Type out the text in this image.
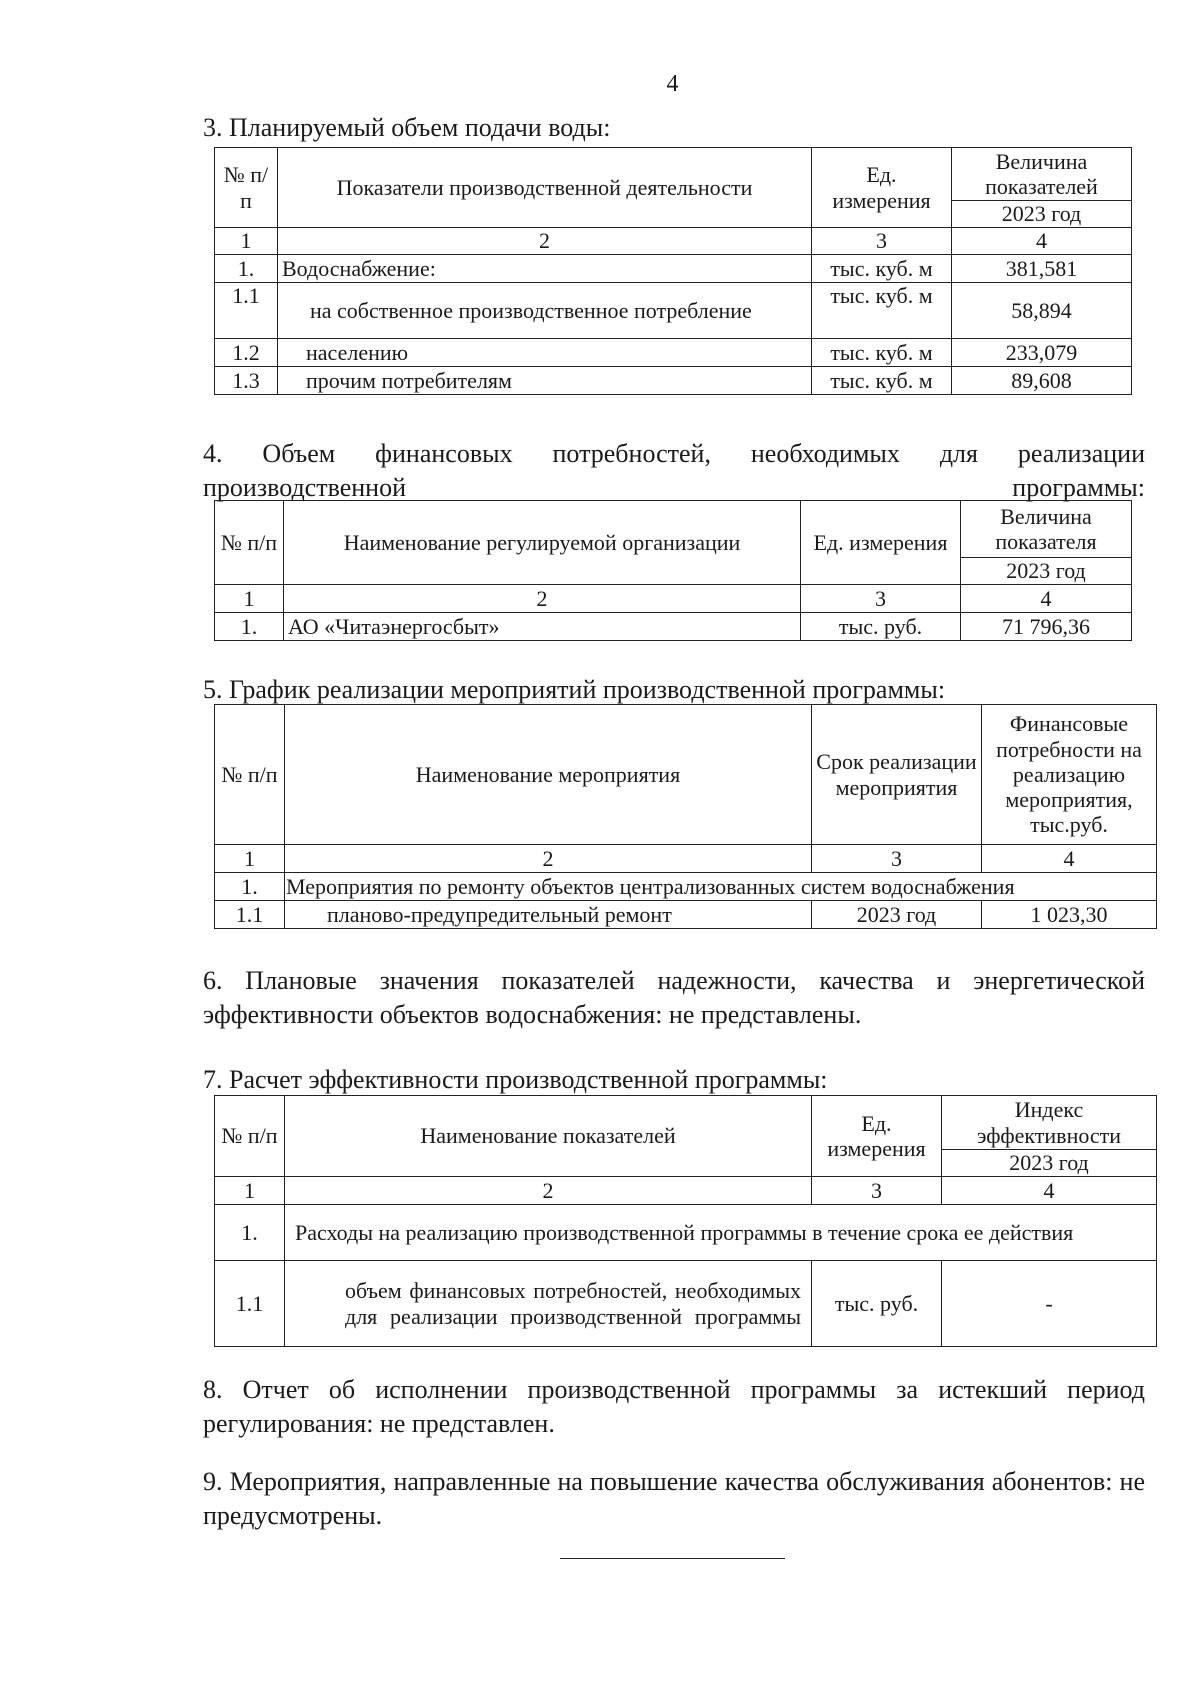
4
3. Планируемый объем подачи воды:
№ п/п	Показатели производственной деятельности	Ед. измерения	Величина показателей
			2023 год
1	2	3	4
1.	Водоснабжение:	тыс. куб. м	381,581
1.1	на собственное производственное потребление	тыс. куб. м	58,894
1.2	населению	тыс. куб. м	233,079
1.3	прочим потребителям	тыс. куб. м	89,608
4. Объем финансовых потребностей, необходимых для реализации производственной программы:
№ п/п	Наименование регулируемой организации	Ед. измерения	Величина показателя
			2023 год
1	2	3	4
1.	АО «Читаэнергосбыт»	тыс. руб.	71 796,36
5. График реализации мероприятий производственной программы:
№ п/п	Наименование мероприятия	Срок реализации мероприятия	Финансовые потребности на реализацию мероприятия, тыс.руб.
1	2	3	4
1.	Мероприятия по ремонту объектов централизованных систем водоснабжения		
1.1	планово-предупредительный ремонт	2023 год	1 023,30
6. Плановые значения показателей надежности, качества и энергетической эффективности объектов водоснабжения: не представлены.
7. Расчет эффективности производственной программы:
№ п/п	Наименование показателей	Ед. измерения	Индекс эффективности
			2023 год
1	2	3	4
1.	Расходы на реализацию производственной программы в течение срока ее действия		
1.1	объем финансовых потребностей, необходимых для реализации производственной программы	тыс. руб.	-
8. Отчет об исполнении производственной программы за истекший период регулирования: не представлен.
9. Мероприятия, направленные на повышение качества обслуживания абонентов: не предусмотрены.
